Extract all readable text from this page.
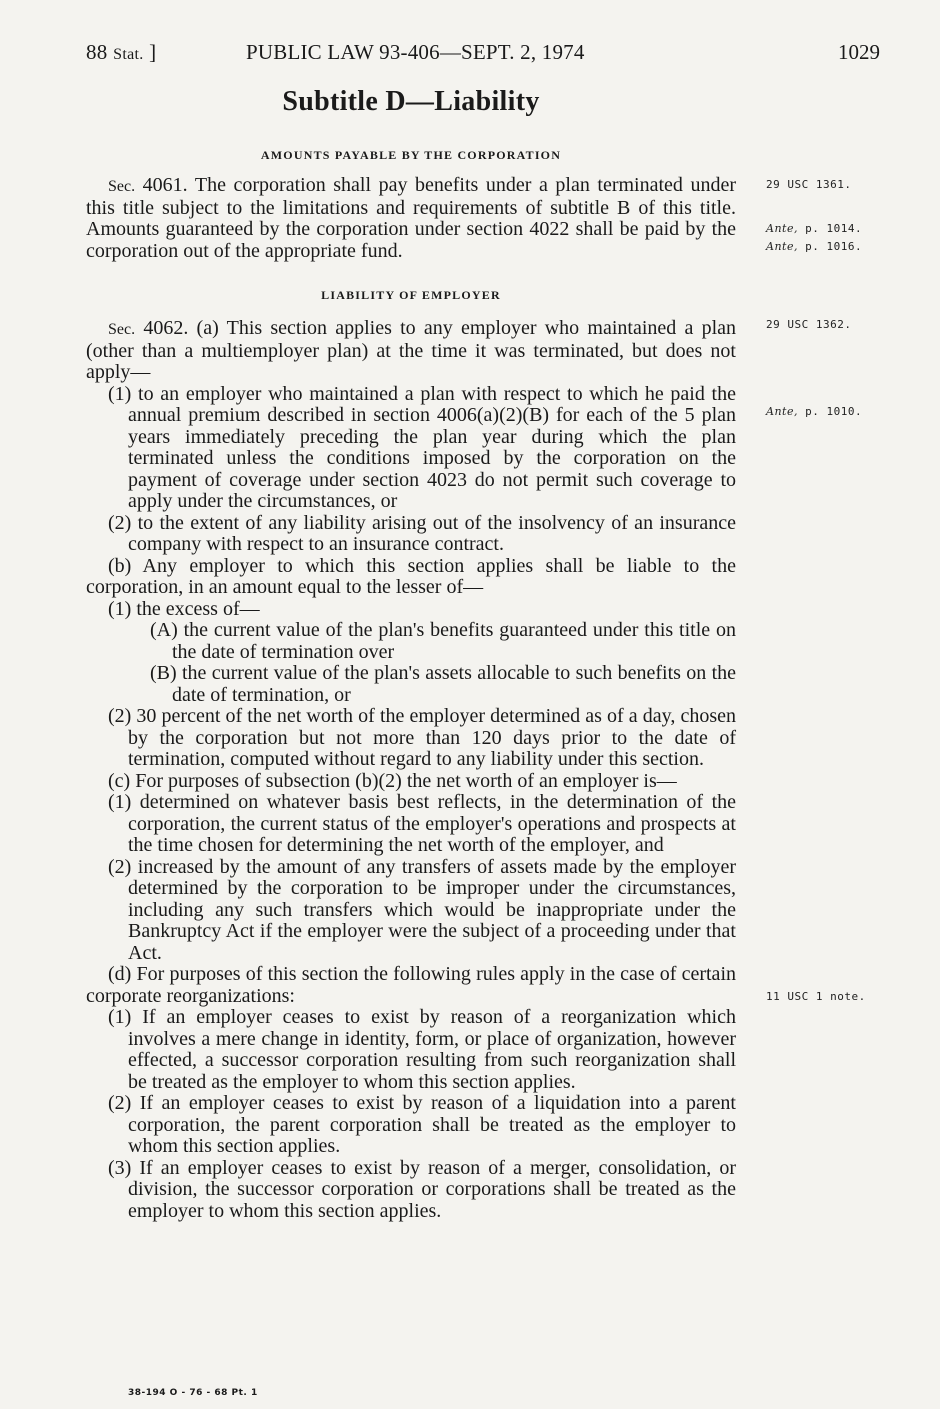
88 Stat. ]	PUBLIC LAW 93-406—SEPT. 2, 1974	1029
Subtitle D—Liability
AMOUNTS PAYABLE BY THE CORPORATION
Sec. 4061. The corporation shall pay benefits under a plan terminated under this title subject to the limitations and requirements of subtitle B of this title. Amounts guaranteed by the corporation under section 4022 shall be paid by the corporation out of the appropriate fund.
LIABILITY OF EMPLOYER
Sec. 4062. (a) This section applies to any employer who maintained a plan (other than a multiemployer plan) at the time it was terminated, but does not apply—
(1) to an employer who maintained a plan with respect to which he paid the annual premium described in section 4006(a)(2)(B) for each of the 5 plan years immediately preceding the plan year during which the plan terminated unless the conditions imposed by the corporation on the payment of coverage under section 4023 do not permit such coverage to apply under the circumstances, or
(2) to the extent of any liability arising out of the insolvency of an insurance company with respect to an insurance contract.
(b) Any employer to which this section applies shall be liable to the corporation, in an amount equal to the lesser of—
(1) the excess of—
(A) the current value of the plan's benefits guaranteed under this title on the date of termination over
(B) the current value of the plan's assets allocable to such benefits on the date of termination, or
(2) 30 percent of the net worth of the employer determined as of a day, chosen by the corporation but not more than 120 days prior to the date of termination, computed without regard to any liability under this section.
(c) For purposes of subsection (b)(2) the net worth of an employer is—
(1) determined on whatever basis best reflects, in the determination of the corporation, the current status of the employer's operations and prospects at the time chosen for determining the net worth of the employer, and
(2) increased by the amount of any transfers of assets made by the employer determined by the corporation to be improper under the circumstances, including any such transfers which would be inappropriate under the Bankruptcy Act if the employer were the subject of a proceeding under that Act.
(d) For purposes of this section the following rules apply in the case of certain corporate reorganizations:
(1) If an employer ceases to exist by reason of a reorganization which involves a mere change in identity, form, or place of organization, however effected, a successor corporation resulting from such reorganization shall be treated as the employer to whom this section applies.
(2) If an employer ceases to exist by reason of a liquidation into a parent corporation, the parent corporation shall be treated as the employer to whom this section applies.
(3) If an employer ceases to exist by reason of a merger, consolidation, or division, the successor corporation or corporations shall be treated as the employer to whom this section applies.
29 USC 1361.
Ante, p. 1014.
Ante, p. 1016.
29 USC 1362.
Ante, p. 1010.
11 USC 1 note.
38-194 O - 76 - 68 Pt. 1
